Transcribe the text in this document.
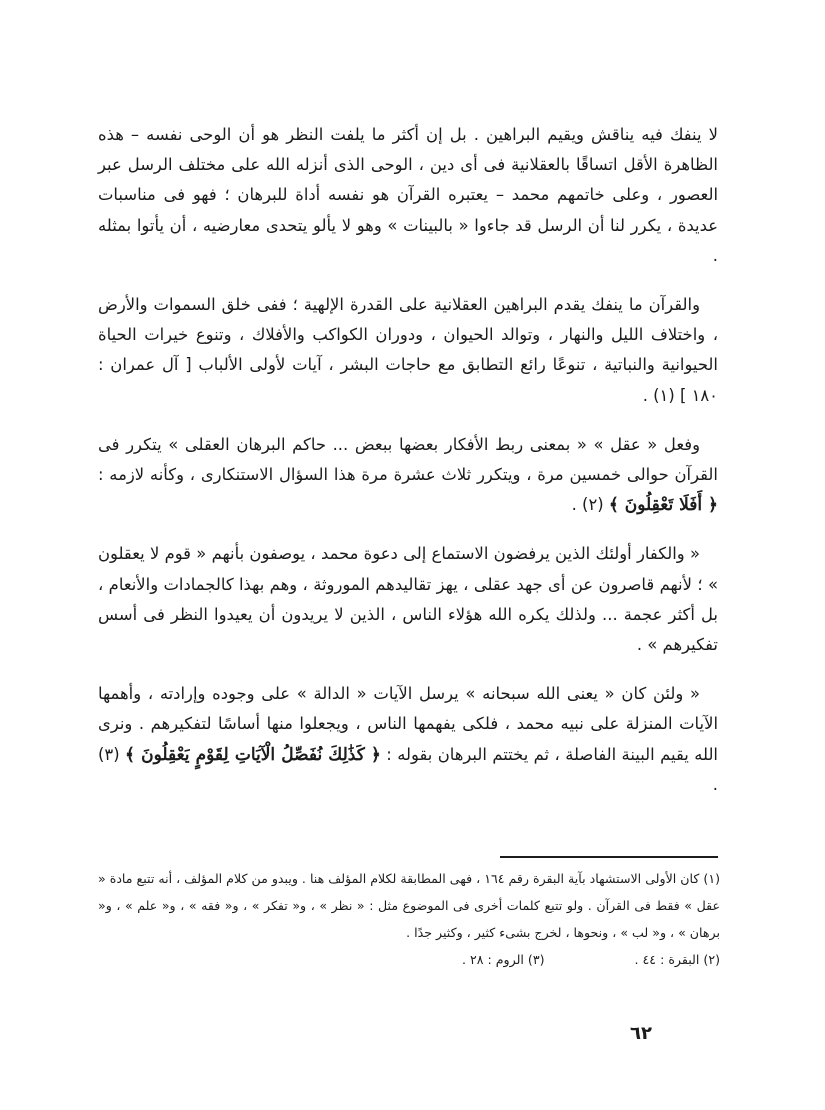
لا ينفك فيه يناقش ويقيم البراهين . بل إن أكثر ما يلفت النظر هو أن الوحى نفسه – هذه الظاهرة الأقل اتساقًا بالعقلانية فى أى دين ، الوحى الذى أنزله الله على مختلف الرسل عبر العصور ، وعلى خاتمهم محمد – يعتبره القرآن هو نفسه أداة للبرهان ؛ فهو فى مناسبات عديدة ، يكرر لنا أن الرسل قد جاءوا « بالبينات » وهو لا يألو يتحدى معارضيه ، أن يأتوا بمثله .

والقرآن ما ينفك يقدم البراهين العقلانية على القدرة الإلهية ؛ ففى خلق السموات والأرض ، واختلاف الليل والنهار ، وتوالد الحيوان ، ودوران الكواكب والأفلاك ، وتنوع خيرات الحياة الحيوانية والنباتية ، تنوعًا رائع التطابق مع حاجات البشر ، آيات لأولى الألباب [ آل عمران : ١٨٠ ] (١) .

وفعل « عقل » « بمعنى ربط الأفكار بعضها ببعض ... حاكم البرهان العقلى » يتكرر فى القرآن حوالى خمسين مرة ، ويتكرر ثلاث عشرة مرة هذا السؤال الاستنكارى ، وكأنه لازمه : ﴿ أَفَلَا تَعْقِلُونَ ﴾ (٢) .

« والكفار أولئك الذين يرفضون الاستماع إلى دعوة محمد ، يوصفون بأنهم « قوم لا يعقلون » ؛ لأنهم قاصرون عن أى جهد عقلى ، يهز تقاليدهم الموروثة ، وهم بهذا كالجمادات والأنعام ، بل أكثر عجمة ... ولذلك يكره الله هؤلاء الناس ، الذين لا يريدون أن يعيدوا النظر فى أسس تفكيرهم » .

« ولئن كان « يعنى الله سبحانه » يرسل الآيات « الدالة » على وجوده وإرادته ، وأهمها الآيات المنزلة على نبيه محمد ، فلكى يفهمها الناس ، ويجعلوا منها أساسًا لتفكيرهم . ونرى الله يقيم البينة الفاصلة ، ثم يختتم البرهان بقوله : ﴿ كَذَٰلِكَ نُفَصِّلُ الْآيَاتِ لِقَوْمٍ يَعْقِلُونَ ﴾ (٣) .

(١) كان الأولى الاستشهاد بآية البقرة رقم ١٦٤ ، فهى المطابقة لكلام المؤلف هنا . ويبدو من كلام المؤلف ، أنه تتبع مادة « عقل » فقط فى القرآن . ولو تتبع كلمات أخرى فى الموضوع مثل : « نظر » ، و« تفكر » ، و« فقه » ، و« علم » ، و« برهان » ، و« لب » ، ونحوها ، لخرج بشىء كثير ، وكثير جدًا .
(٢) البقرة : ٤٤ .
(٣) الروم : ٢٨ .
٦٢
